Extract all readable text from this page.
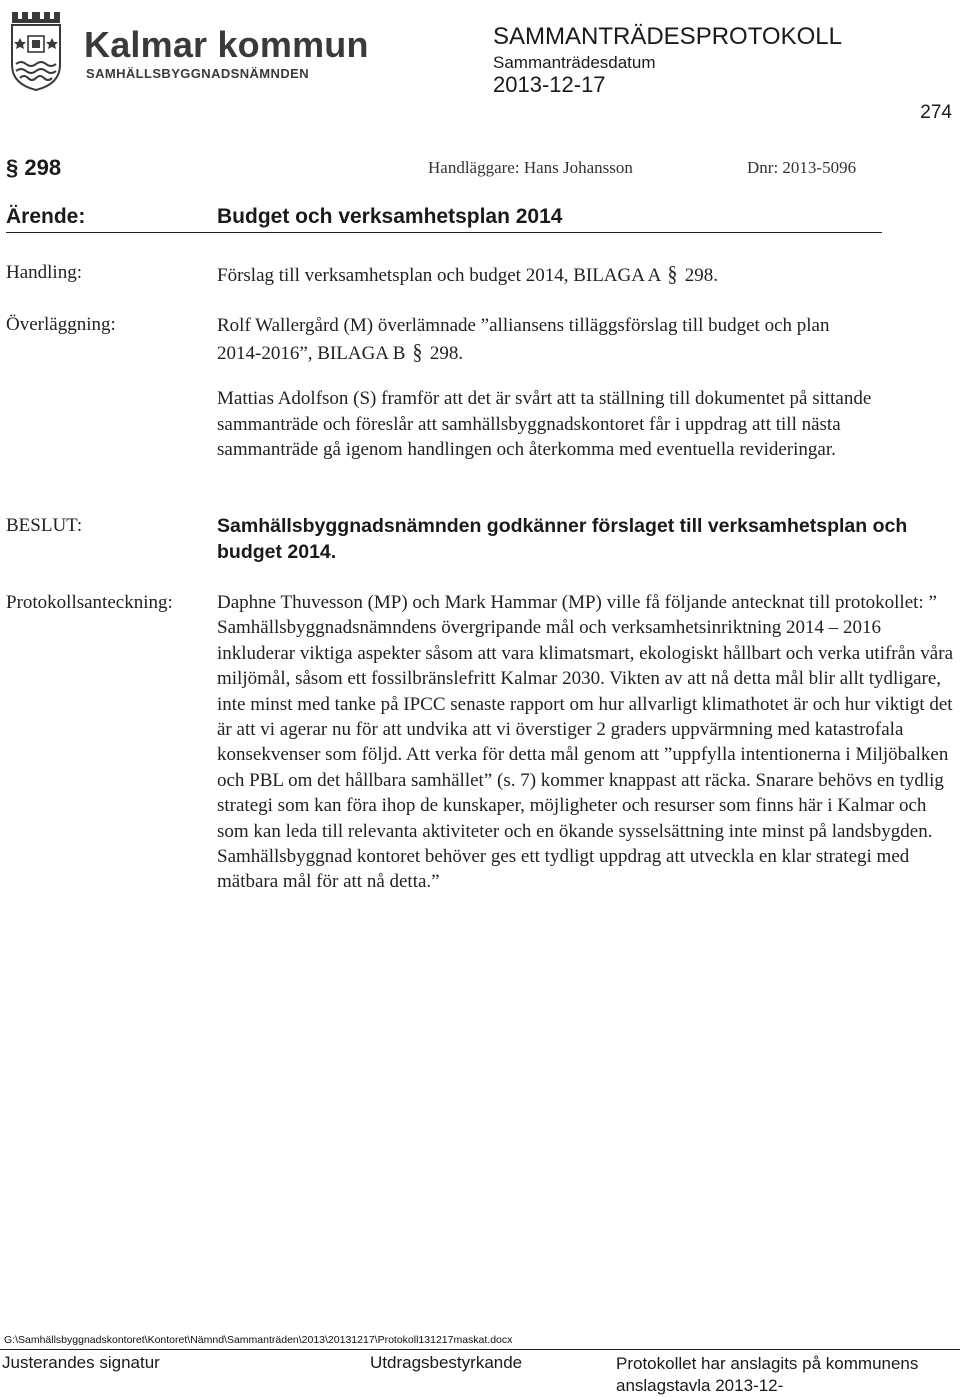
Kalmar kommun
SAMHÄLLSBYGGNADSNÄMNDEN
SAMMANTRÄDESPROTOKOLL
Sammanträdesdatum
2013-12-17
274
§ 298	Handläggare: Hans Johansson	Dnr: 2013-5096
Ärende:	Budget och verksamhetsplan 2014
Handling:	Förslag till verksamhetsplan och budget 2014, BILAGA A § 298.
Överläggning:	Rolf Wallergård (M) överlämnade ”alliansens tilläggsförslag till budget och plan
2014-2016”, BILAGA B § 298.
Mattias Adolfson (S) framför att det är svårt att ta ställning till dokumentet på sittande sammanträde och föreslår att samhällsbyggnadskontoret får i uppdrag att till nästa sammanträde gå igenom handlingen och återkomma med eventuella revideringar.
BESLUT:	Samhällsbyggnadsnämnden godkänner förslaget till verksamhetsplan och budget 2014.
Protokollsanteckning: Daphne Thuvesson (MP) och Mark Hammar (MP) ville få följande antecknat till protokollet: ” Samhällsbyggnadsnämndens övergripande mål och verksamhetsinriktning 2014 – 2016 inkluderar viktiga aspekter såsom att vara klimatsmart, ekologiskt hållbart och verka utifrån våra miljömål, såsom ett fossilbränslefritt Kalmar 2030. Vikten av att nå detta mål blir allt tydligare, inte minst med tanke på IPCC senaste rapport om hur allvarligt klimathotet är och hur viktigt det är att vi agerar nu för att undvika att vi överstiger 2 graders uppvärmning med katastrofala konsekvenser som följd. Att verka för detta mål genom att ”uppfylla intentionerna i Miljöbalken och PBL om det hållbara samhället” (s. 7) kommer knappast att räcka. Snarare behövs en tydlig strategi som kan föra ihop de kunskaper, möjligheter och resurser som finns här i Kalmar och som kan leda till relevanta aktiviteter och en ökande sysselsättning inte minst på landsbygden. Samhällsbyggnad kontoret behöver ges ett tydligt uppdrag att utveckla en klar strategi med mätbara mål för att nå detta.”
G:\Samhällsbyggnadskontoret\Kontoret\Nämnd\Sammanträden\2013\20131217\Protokoll131217maskat.docx
Justerandes signatur	Utdragsbestyrkande	Protokollet har anslagits på kommunens anslagstavla 2013-12-
